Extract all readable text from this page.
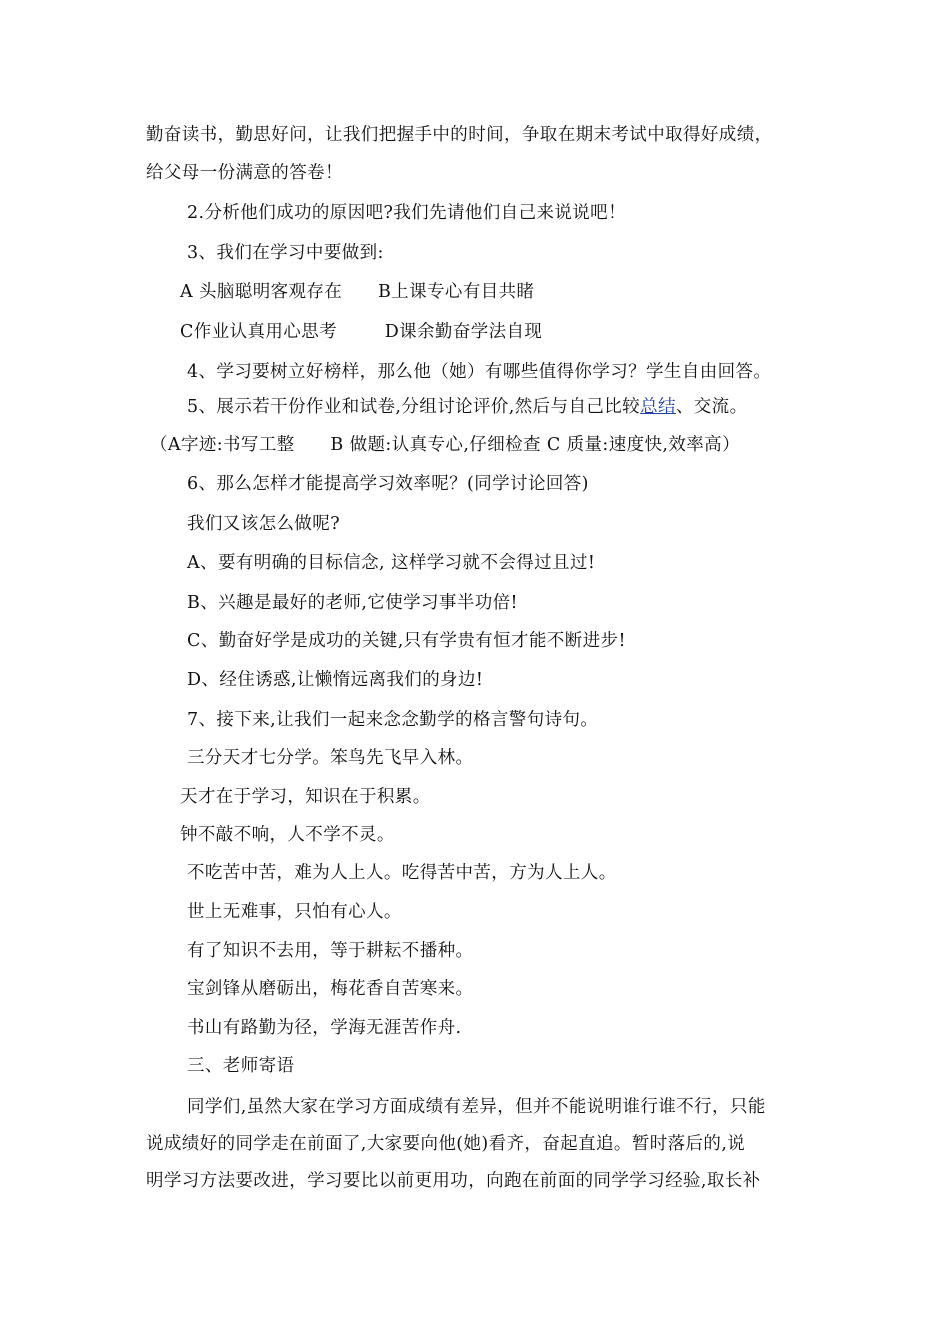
勤奋读书，勤思好问，让我们把握手中的时间，争取在期末考试中取得好成绩，
给父母一份满意的答卷！
2.分析他们成功的原因吧?我们先请他们自己来说说吧！
3、我们在学习中要做到:
A 头脑聪明客观存在      B上课专心有目共睹
C作业认真用心思考        D课余勤奋学法自现
4、学习要树立好榜样，那么他（她）有哪些值得你学习？学生自由回答。
5、展示若干份作业和试卷,分组讨论评价,然后与自己比较总结、交流。
（A字迹:书写工整      B 做题:认真专心,仔细检查 C 质量:速度快,效率高）
6、那么怎样才能提高学习效率呢？(同学讨论回答)
我们又该怎么做呢?
A、要有明确的目标信念, 这样学习就不会得过且过!
B、兴趣是最好的老师,它使学习事半功倍!
C、勤奋好学是成功的关键,只有学贵有恒才能不断进步!
D、经住诱惑,让懒惰远离我们的身边!
7、接下来,让我们一起来念念勤学的格言警句诗句。
三分天才七分学。笨鸟先飞早入林。
天才在于学习，知识在于积累。
钟不敲不响，人不学不灵。
不吃苦中苦，难为人上人。吃得苦中苦，方为人上人。
世上无难事，只怕有心人。
有了知识不去用，等于耕耘不播种。
宝剑锋从磨砺出，梅花香自苦寒来。
书山有路勤为径，学海无涯苦作舟.
三、老师寄语
同学们,虽然大家在学习方面成绩有差异，但并不能说明谁行谁不行，只能
说成绩好的同学走在前面了,大家要向他(她)看齐，奋起直追。暂时落后的,说
明学习方法要改进，学习要比以前更用功，向跑在前面的同学学习经验,取长补
